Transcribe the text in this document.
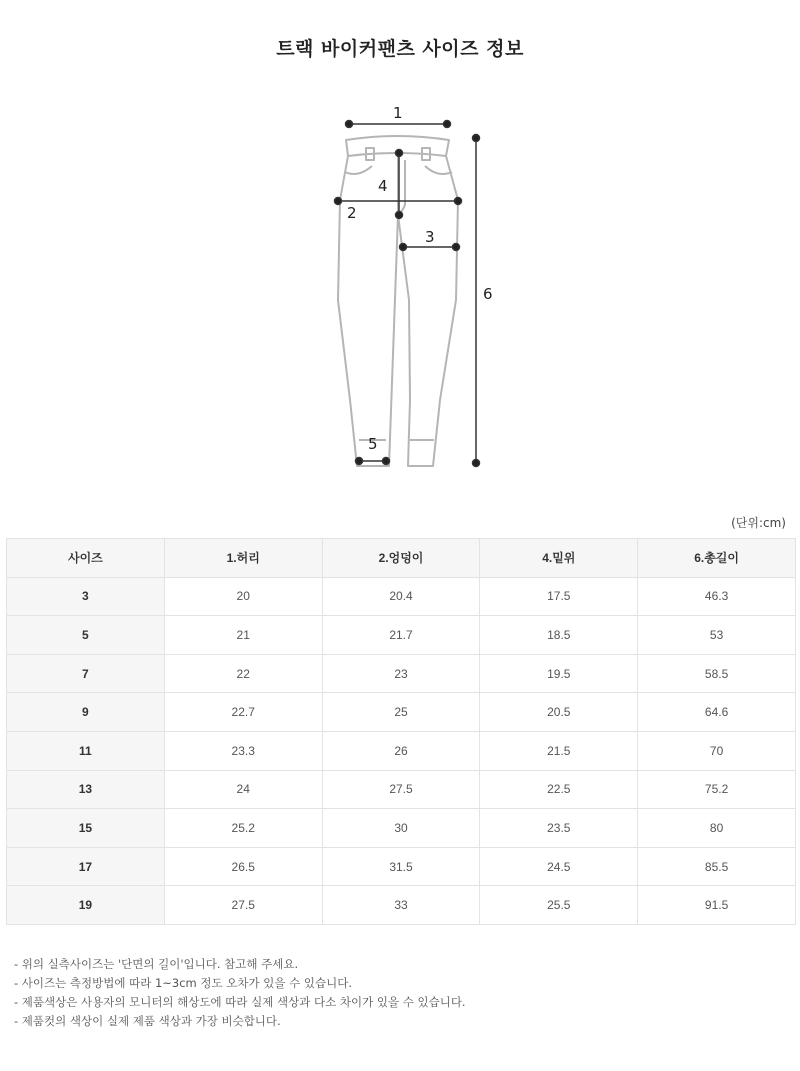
트랙 바이커팬츠 사이즈 정보
1
2
3
4
5
6
(단위:cm)
사이즈	1.허리	2.엉덩이	4.밑위	6.총길이
3	20	20.4	17.5	46.3
5	21	21.7	18.5	53
7	22	23	19.5	58.5
9	22.7	25	20.5	64.6
11	23.3	26	21.5	70
13	24	27.5	22.5	75.2
15	25.2	30	23.5	80
17	26.5	31.5	24.5	85.5
19	27.5	33	25.5	91.5
- 위의 실측사이즈는 '단면의 길이'입니다. 참고해 주세요.
- 사이즈는 측정방법에 따라 1~3cm 정도 오차가 있을 수 있습니다.
- 제품색상은 사용자의 모니터의 해상도에 따라 실제 색상과 다소 차이가 있을 수 있습니다.
- 제품컷의 색상이 실제 제품 색상과 가장 비슷합니다.
